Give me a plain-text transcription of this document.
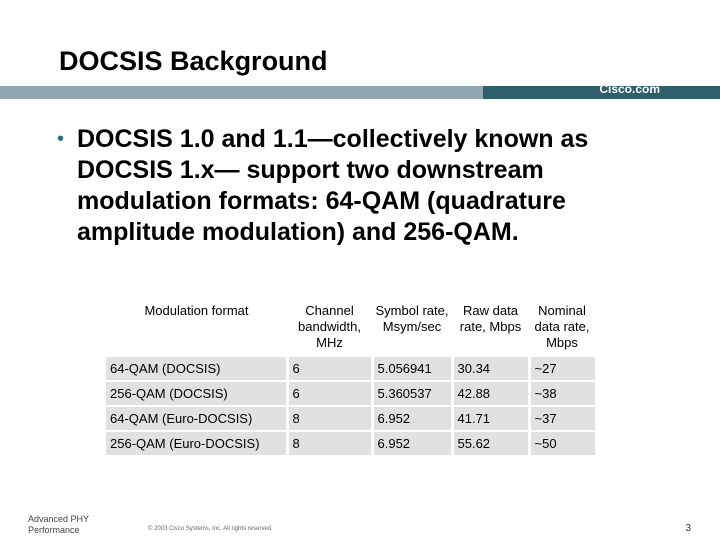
DOCSIS Background
Cisco.com
• DOCSIS 1.0 and 1.1—collectively known as DOCSIS 1.x— support two downstream modulation formats: 64-QAM (quadrature amplitude modulation) and 256-QAM.
Modulation format	Channel bandwidth, MHz	Symbol rate, Msym/sec	Raw data rate, Mbps	Nominal data rate, Mbps
64-QAM (DOCSIS)	6	5.056941	30.34	~27
256-QAM (DOCSIS)	6	5.360537	42.88	~38
64-QAM (Euro-DOCSIS)	8	6.952	41.71	~37
256-QAM (Euro-DOCSIS)	8	6.952	55.62	~50
Advanced PHY
Performance	© 2003 Cisco Systems, Inc. All rights reserved.	3
